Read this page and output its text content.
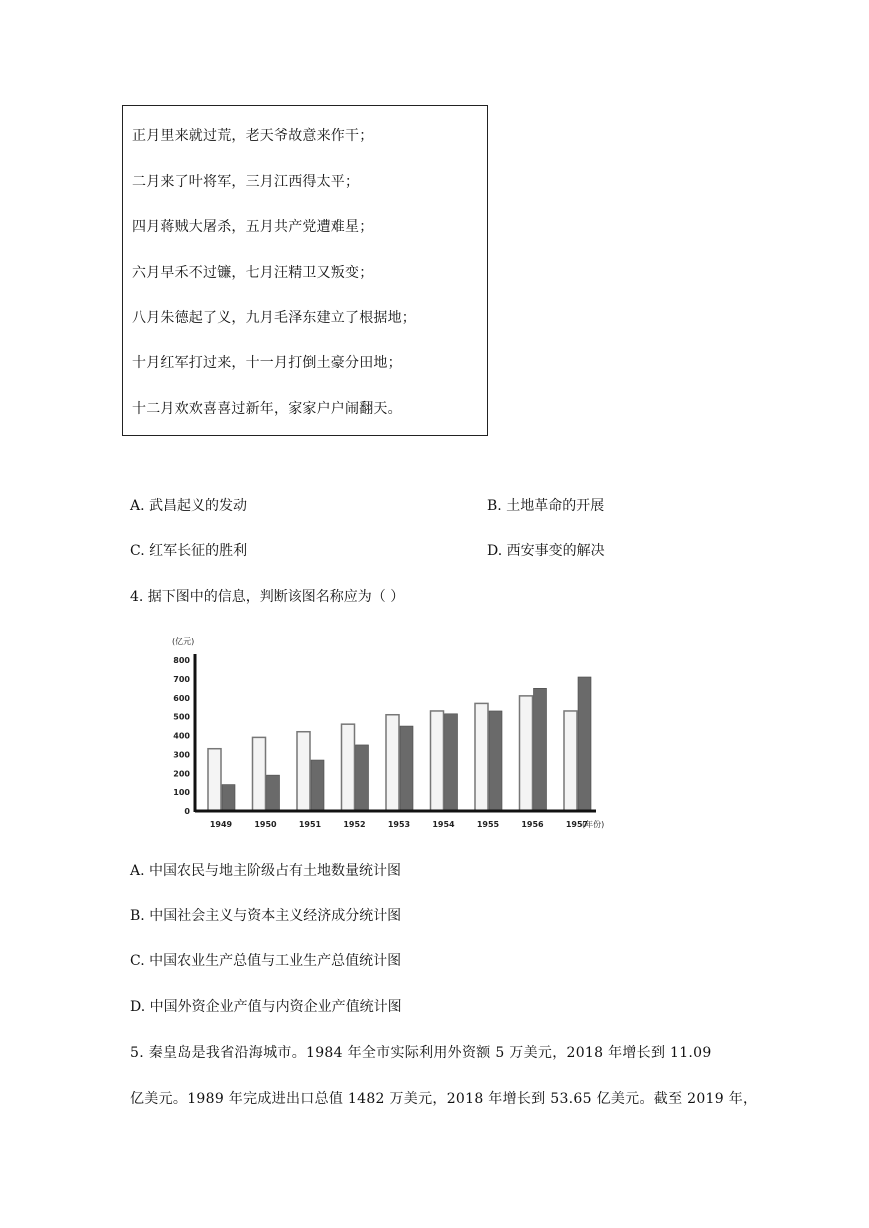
正月里来就过荒，老天爷故意来作干；
二月来了叶将军，三月江西得太平；
四月蒋贼大屠杀，五月共产党遭难星；
六月早禾不过镰，七月汪精卫又叛变；
八月朱德起了义，九月毛泽东建立了根据地；
十月红军打过来，十一月打倒土豪分田地；
十二月欢欢喜喜过新年，家家户户闹翻天。
A. 武昌起义的发动	B. 土地革命的开展
C. 红军长征的胜利	D. 西安事变的解决
4. 据下图中的信息，判断该图名称应为（ ）
(亿元)
800
700
600
500
400
300
200
100
0
1949	1950	1951	1952	1953	1954	1955	1956	1957
(年份)
A. 中国农民与地主阶级占有土地数量统计图
B. 中国社会主义与资本主义经济成分统计图
C. 中国农业生产总值与工业生产总值统计图
D. 中国外资企业产值与内资企业产值统计图
5. 秦皇岛是我省沿海城市。1984 年全市实际利用外资额 5 万美元，2018 年增长到 11.09
亿美元。1989 年完成进出口总值 1482 万美元，2018 年增长到 53.65 亿美元。截至 2019 年，
